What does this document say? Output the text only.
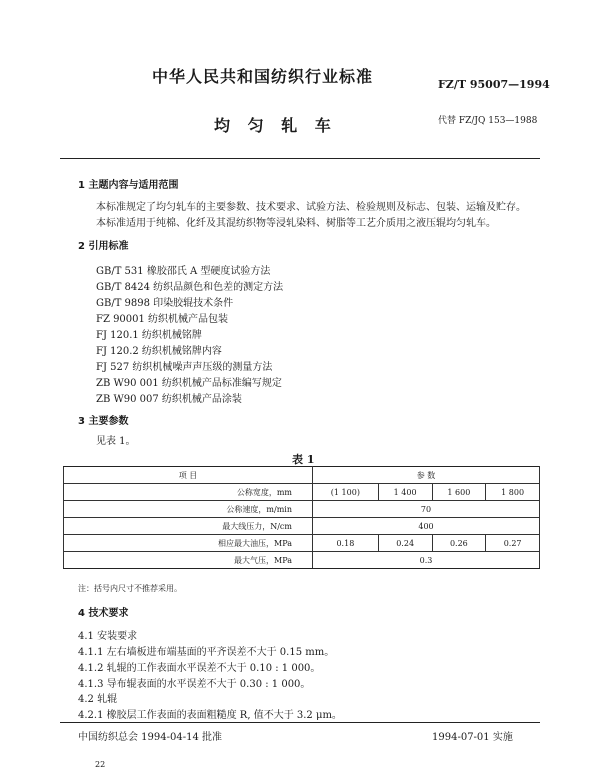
中华人民共和国纺织行业标准	FZ/T 95007—1994
均 匀 轧 车	代替 FZ/JQ 153—1988
1 主题内容与适用范围
本标准规定了均匀轧车的主要参数、技术要求、试验方法、检验规则及标志、包装、运输及贮存。
本标准适用于纯棉、化纤及其混纺织物等浸轧染料、树脂等工艺介质用之液压辊均匀轧车。
2 引用标准
GB/T 531 橡胶邵氏 A 型硬度试验方法
GB/T 8424 纺织品颜色和色差的测定方法
GB/T 9898 印染胶辊技术条件
FZ 90001 纺织机械产品包装
FJ 120.1 纺织机械铭牌
FJ 120.2 纺织机械铭牌内容
FJ 527 纺织机械噪声声压级的测量方法
ZB W90 001 纺织机械产品标准编写规定
ZB W90 007 纺织机械产品涂装
3 主要参数
见表 1。
表 1
项 目	参 数			
公称宽度，mm	(1 100)	1 400	1 600	1 800
公称速度，m/min	70			
最大线压力，N/cm	400			
相应最大油压，MPa	0.18	0.24	0.26	0.27
最大气压，MPa	0.3			
注：括号内尺寸不推荐采用。
4 技术要求
4.1 安装要求
4.1.1 左右墙板进布端基面的平齐误差不大于 0.15 mm。
4.1.2 轧辊的工作表面水平误差不大于 0.10 : 1 000。
4.1.3 导布辊表面的水平误差不大于 0.30 : 1 000。
4.2 轧辊
4.2.1 橡胶层工作表面的表面粗糙度 R, 值不大于 3.2 μm。
中国纺织总会 1994-04-14 批准	1994-07-01 实施
22
